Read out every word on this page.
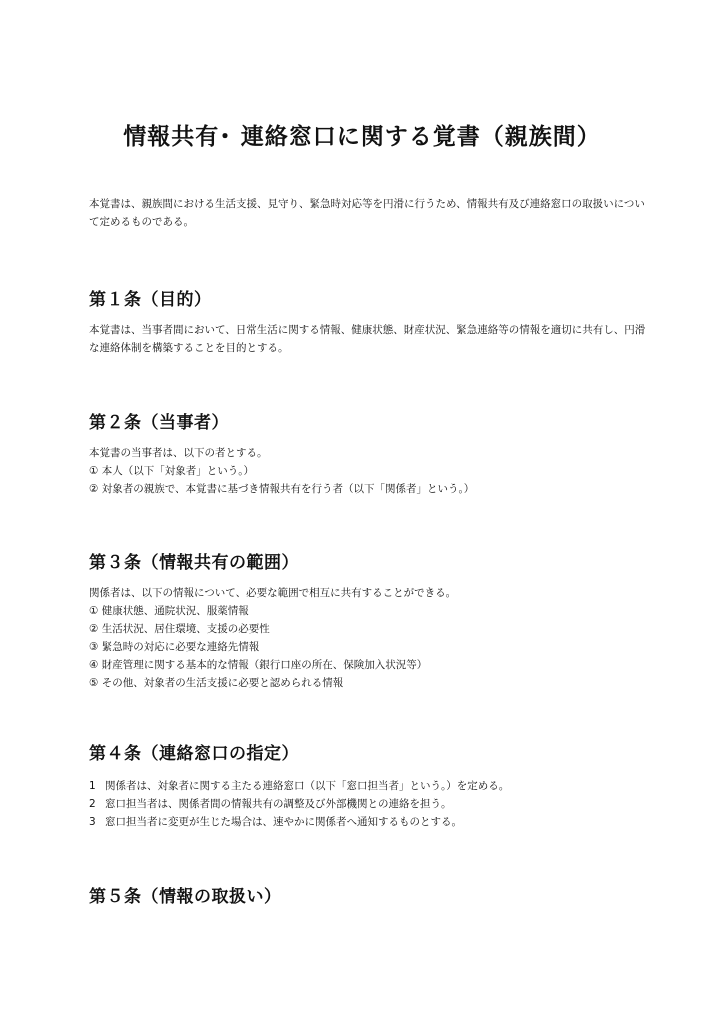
情報共有･ 連絡窓口に関する覚書（親族間）

本覚書は、親族間における生活支援、見守り、緊急時対応等を円滑に行うため、情報共有及び連絡窓口の取扱いについて定めるものである。

第１条（目的）

本覚書は、当事者間において、日常生活に関する情報、健康状態、財産状況、緊急連絡等の情報を適切に共有し、円滑な連絡体制を構築することを目的とする。

第２条（当事者）
本覚書の当事者は、以下の者とする。
① 本人（以下「対象者」という。）
② 対象者の親族で、本覚書に基づき情報共有を行う者（以下「関係者」という。）
第３条（情報共有の範囲）
関係者は、以下の情報について、必要な範囲で相互に共有することができる。
① 健康状態、通院状況、服薬情報
② 生活状況、居住環境、支援の必要性
③ 緊急時の対応に必要な連絡先情報
④ 財産管理に関する基本的な情報（銀行口座の所在、保険加入状況等）
⑤ その他、対象者の生活支援に必要と認められる情報
第４条（連絡窓口の指定）
1 関係者は、対象者に関する主たる連絡窓口（以下「窓口担当者」という。）を定める。
2 窓口担当者は、関係者間の情報共有の調整及び外部機関との連絡を担う。
3 窓口担当者に変更が生じた場合は、速やかに関係者へ通知するものとする。
第５条（情報の取扱い）
